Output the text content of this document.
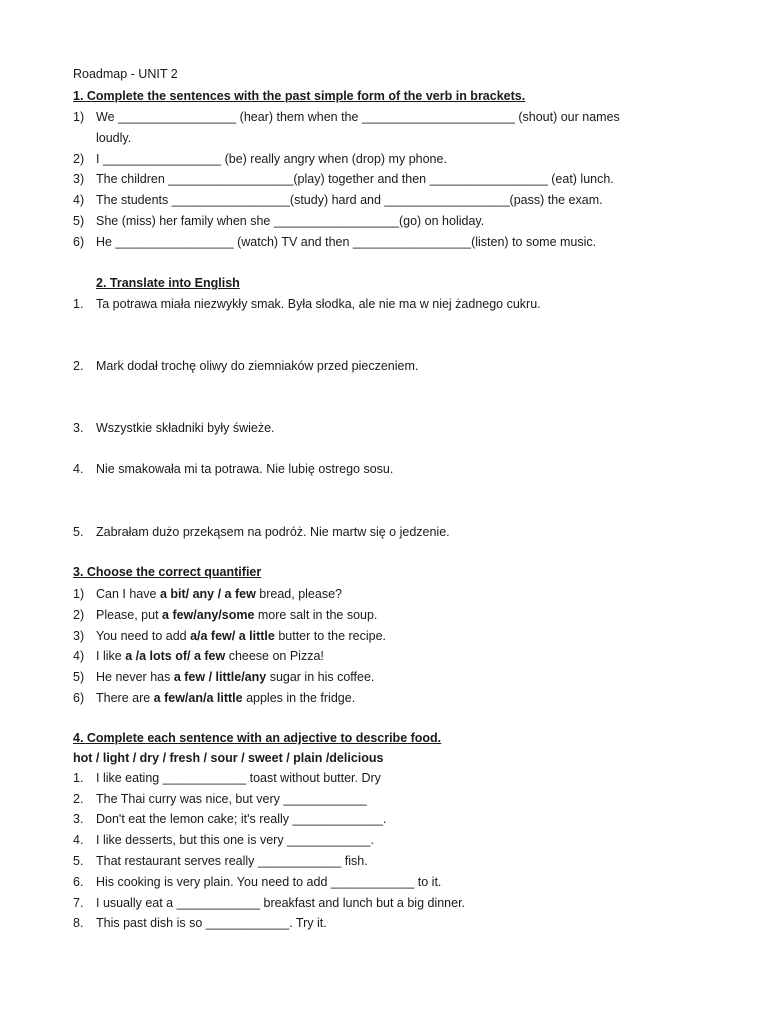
Roadmap - UNIT 2
1. Complete the sentences with the past simple form of the verb in brackets.
1) We _________________ (hear) them when the ______________________ (shout) our names
loudly.
2) I _________________ (be) really angry when (drop) my phone.
3) The children __________________(play) together and then _________________ (eat) lunch.
4) The students _________________(study) hard and __________________(pass) the exam.
5) She (miss) her family when she __________________(go) on holiday.
6) He _________________ (watch) TV and then _________________(listen) to some music.
2. Translate into English
1. Ta potrawa miała niezwykły smak. Była słodka, ale nie ma w niej żadnego cukru.
2. Mark dodał trochę oliwy do ziemniaków przed pieczeniem.
3. Wszystkie składniki były świeże.
4. Nie smakowała mi ta potrawa. Nie lubię ostrego sosu.
5. Zabrałam dużo przekąsem na podróż. Nie martw się o jedzenie.
3. Choose the correct quantifier
1) Can I have a bit/ any / a few bread, please?
2) Please, put a few/any/some more salt in the soup.
3) You need to add a/a few/ a little butter to the recipe.
4) I like a /a lots of/ a few cheese on Pizza!
5) He never has a few / little/any sugar in his coffee.
6) There are a few/an/a little apples in the fridge.
4. Complete each sentence with an adjective to describe food.
hot / light / dry / fresh / sour / sweet / plain /delicious
1. I like eating ____________ toast without butter. Dry
2. The Thai curry was nice, but very ____________
3. Don't eat the lemon cake; it's really _____________.
4. I like desserts, but this one is very ____________.
5. That restaurant serves really ____________ fish.
6. His cooking is very plain. You need to add ____________ to it.
7. I usually eat a ____________ breakfast and lunch but a big dinner.
8. This past dish is so ____________. Try it.
